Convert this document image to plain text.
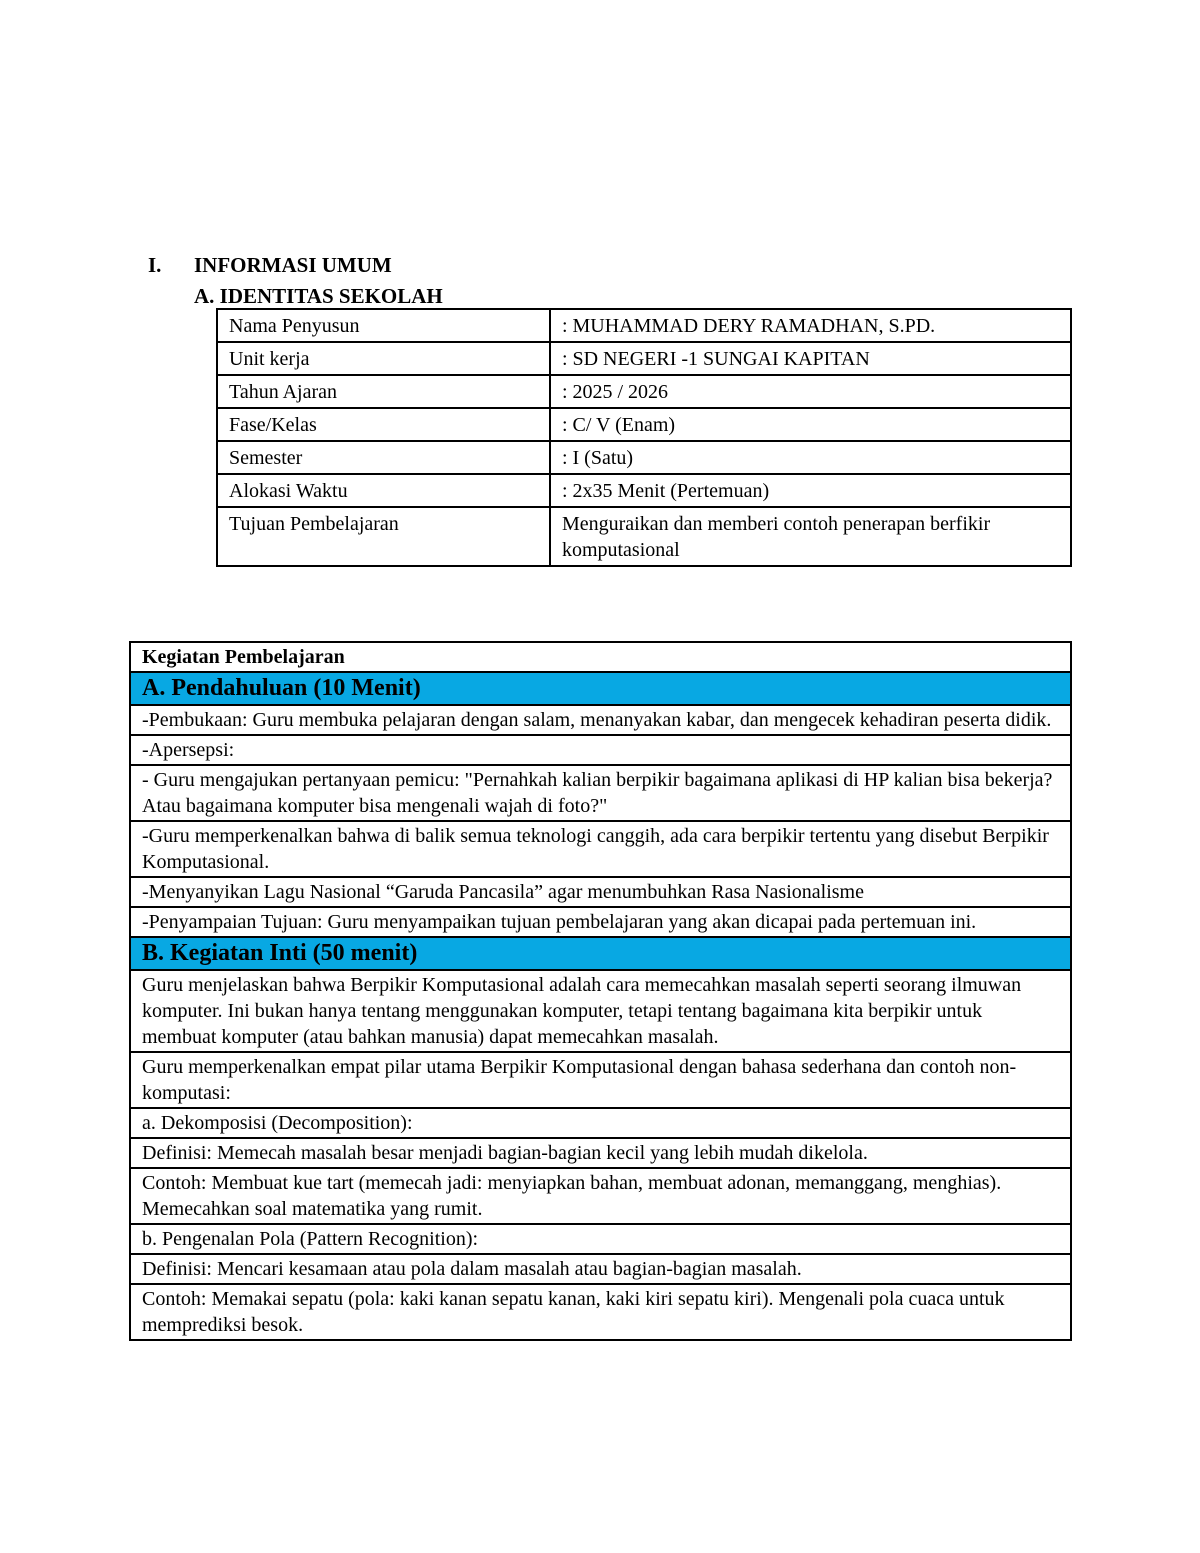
I. INFORMASI UMUM
A. IDENTITAS SEKOLAH
Nama Penyusun	: MUHAMMAD DERY RAMADHAN, S.PD.
Unit kerja	: SD NEGERI -1 SUNGAI KAPITAN
Tahun Ajaran	: 2025 / 2026
Fase/Kelas	: C/ V (Enam)
Semester	: I (Satu)
Alokasi Waktu	: 2x35 Menit (Pertemuan)
Tujuan Pembelajaran	Menguraikan dan memberi contoh penerapan berfikir komputasional
Kegiatan Pembelajaran
A. Pendahuluan (10 Menit)
-Pembukaan: Guru membuka pelajaran dengan salam, menanyakan kabar, dan mengecek kehadiran peserta didik.
-Apersepsi:
- Guru mengajukan pertanyaan pemicu: "Pernahkah kalian berpikir bagaimana aplikasi di HP kalian bisa bekerja? Atau bagaimana komputer bisa mengenali wajah di foto?"
-Guru memperkenalkan bahwa di balik semua teknologi canggih, ada cara berpikir tertentu yang disebut Berpikir Komputasional.
-Menyanyikan Lagu Nasional “Garuda Pancasila” agar menumbuhkan Rasa Nasionalisme
-Penyampaian Tujuan: Guru menyampaikan tujuan pembelajaran yang akan dicapai pada pertemuan ini.
B. Kegiatan Inti (50 menit)
Guru menjelaskan bahwa Berpikir Komputasional adalah cara memecahkan masalah seperti seorang ilmuwan komputer. Ini bukan hanya tentang menggunakan komputer, tetapi tentang bagaimana kita berpikir untuk membuat komputer (atau bahkan manusia) dapat memecahkan masalah.
Guru memperkenalkan empat pilar utama Berpikir Komputasional dengan bahasa sederhana dan contoh non-komputasi:
a. Dekomposisi (Decomposition):
Definisi: Memecah masalah besar menjadi bagian-bagian kecil yang lebih mudah dikelola.
Contoh: Membuat kue tart (memecah jadi: menyiapkan bahan, membuat adonan, memanggang, menghias). Memecahkan soal matematika yang rumit.
b. Pengenalan Pola (Pattern Recognition):
Definisi: Mencari kesamaan atau pola dalam masalah atau bagian-bagian masalah.
Contoh: Memakai sepatu (pola: kaki kanan sepatu kanan, kaki kiri sepatu kiri). Mengenali pola cuaca untuk memprediksi besok.
